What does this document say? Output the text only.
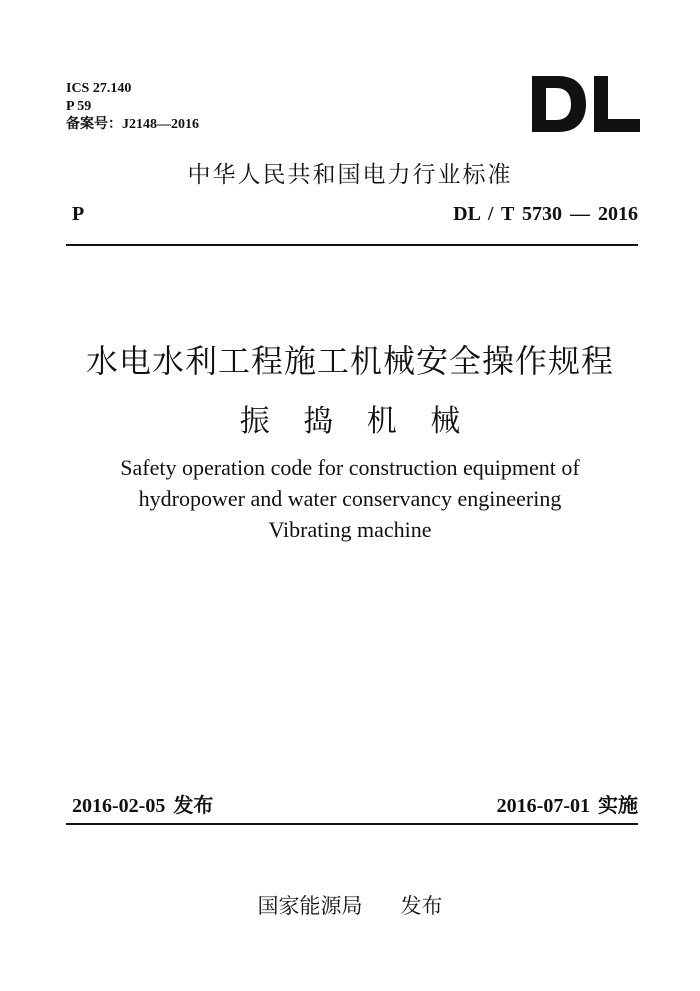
ICS 27.140
P 59
备案号：J2148—2016
中华人民共和国电力行业标准
P	DL / T 5730 — 2016
水电水利工程施工机械安全操作规程
振 捣 机 械
Safety operation code for construction equipment of
hydropower and water conservancy engineering
Vibrating machine
2016-02-05 发布	2016-07-01 实施
国家能源局 发布
